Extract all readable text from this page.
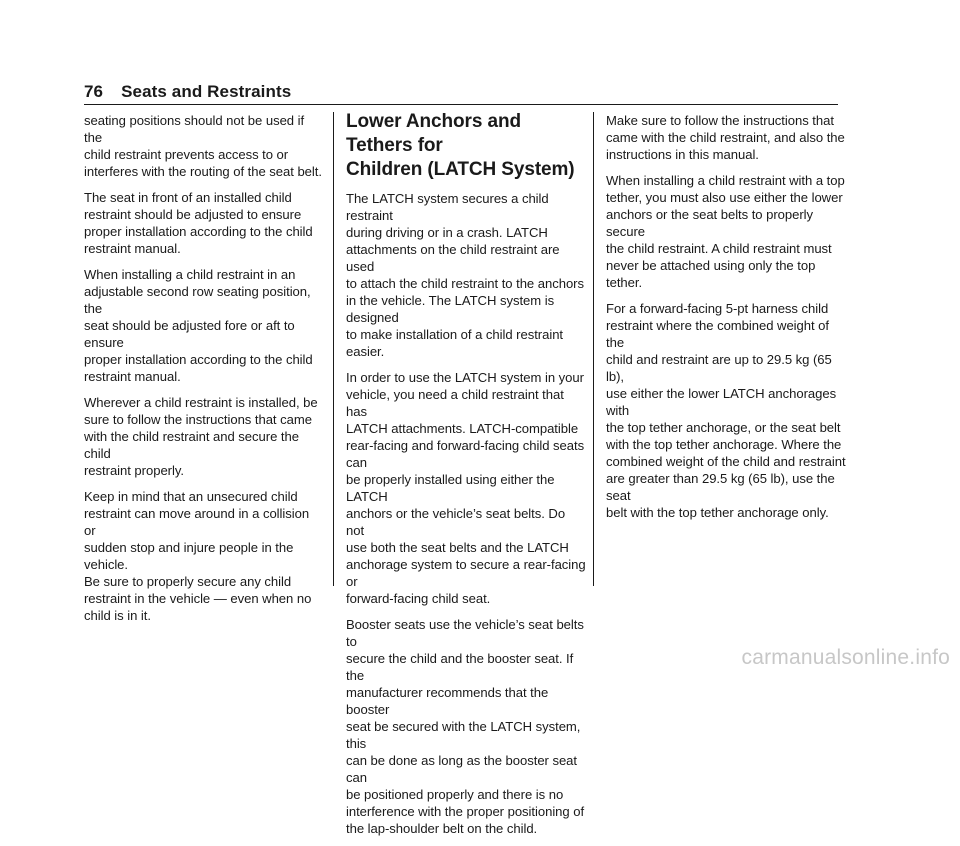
76 Seats and Restraints

seating positions should not be used if the
child restraint prevents access to or
interferes with the routing of the seat belt.

The seat in front of an installed child
restraint should be adjusted to ensure
proper installation according to the child
restraint manual.

When installing a child restraint in an
adjustable second row seating position, the
seat should be adjusted fore or aft to ensure
proper installation according to the child
restraint manual.

Wherever a child restraint is installed, be
sure to follow the instructions that came
with the child restraint and secure the child
restraint properly.

Keep in mind that an unsecured child
restraint can move around in a collision or
sudden stop and injure people in the vehicle.
Be sure to properly secure any child
restraint in the vehicle — even when no
child is in it.

Lower Anchors and Tethers for
Children (LATCH System)

The LATCH system secures a child restraint
during driving or in a crash. LATCH
attachments on the child restraint are used
to attach the child restraint to the anchors
in the vehicle. The LATCH system is designed
to make installation of a child restraint
easier.

In order to use the LATCH system in your
vehicle, you need a child restraint that has
LATCH attachments. LATCH-compatible
rear-facing and forward-facing child seats can
be properly installed using either the LATCH
anchors or the vehicle’s seat belts. Do not
use both the seat belts and the LATCH
anchorage system to secure a rear-facing or
forward-facing child seat.

Booster seats use the vehicle’s seat belts to
secure the child and the booster seat. If the
manufacturer recommends that the booster
seat be secured with the LATCH system, this
can be done as long as the booster seat can
be positioned properly and there is no
interference with the proper positioning of
the lap-shoulder belt on the child.

Make sure to follow the instructions that
came with the child restraint, and also the
instructions in this manual.

When installing a child restraint with a top
tether, you must also use either the lower
anchors or the seat belts to properly secure
the child restraint. A child restraint must
never be attached using only the top tether.

For a forward-facing 5-pt harness child
restraint where the combined weight of the
child and restraint are up to 29.5 kg (65 lb),
use either the lower LATCH anchorages with
the top tether anchorage, or the seat belt
with the top tether anchorage. Where the
combined weight of the child and restraint
are greater than 29.5 kg (65 lb), use the seat
belt with the top tether anchorage only.

carmanualsonline.info
